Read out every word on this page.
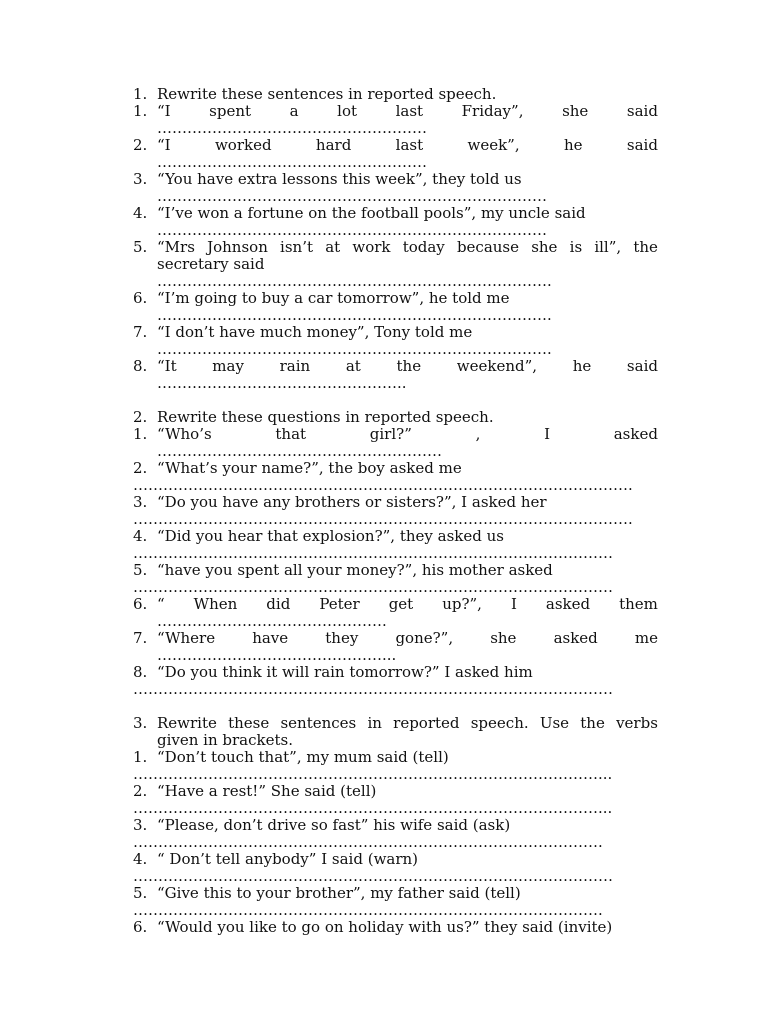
1. Rewrite these sentences in reported speech.
1. “I	spent	a	lot	last	Friday”,	she	said
………………………………………………
2. “I	worked	hard	last	week”,	he	said
………………………………………………
3. “You have extra lessons this week”, they told us
……………………………………………………………………
4. “I’ve won a fortune on the football pools”, my uncle said
……………………………………………………………………
5. “Mrs Johnson isn’t at work today because she is ill”, the
secretary said
…………………………………………………………………….
6. “I’m going to buy a car tomorrow”, he told me
…………………………………………………………………….
7. “I don’t have much money”, Tony told me
…………………………………………………………………….
8. “It may rain at the weekend”, he said
…………………………………………..
2. Rewrite these questions in reported speech.
1. “Who’s	that	girl?”	,	I	asked
…………………………………………………
2. “What’s your name?”, the boy asked me
……………………………………………………………………………………….
3. “Do you have any brothers or sisters?”, I asked her
……………………………………………………………………………………….
4. “Did you hear that explosion?”, they asked us
……………………………………………………………………………………
5. “have you spent all your money?”, his mother asked
……………………………………………………………………………………
6. “ When did Peter get up?”, I asked them
……………………………………….
7. “Where have they gone?”, she asked me
………………………………………...
8. “Do you think it will rain tomorrow?” I asked him
……………………………………………………………………………………
3. Rewrite these sentences in reported speech. Use the verbs
given in brackets.
1. “Don’t touch that”, my mum said (tell)
…………………………………………………………………………………...
2. “Have a rest!” She said (tell)
…………………………………………………………………………………...
3. “Please, don’t drive so fast” his wife said (ask)
………………………………………………………………………………….
4. “ Don’t tell anybody” I said (warn)
……………………………………………………………………………………
5. “Give this to your brother”, my father said (tell)
………………………………………………………………………………….
6. “Would you like to go on holiday with us?” they said (invite)
